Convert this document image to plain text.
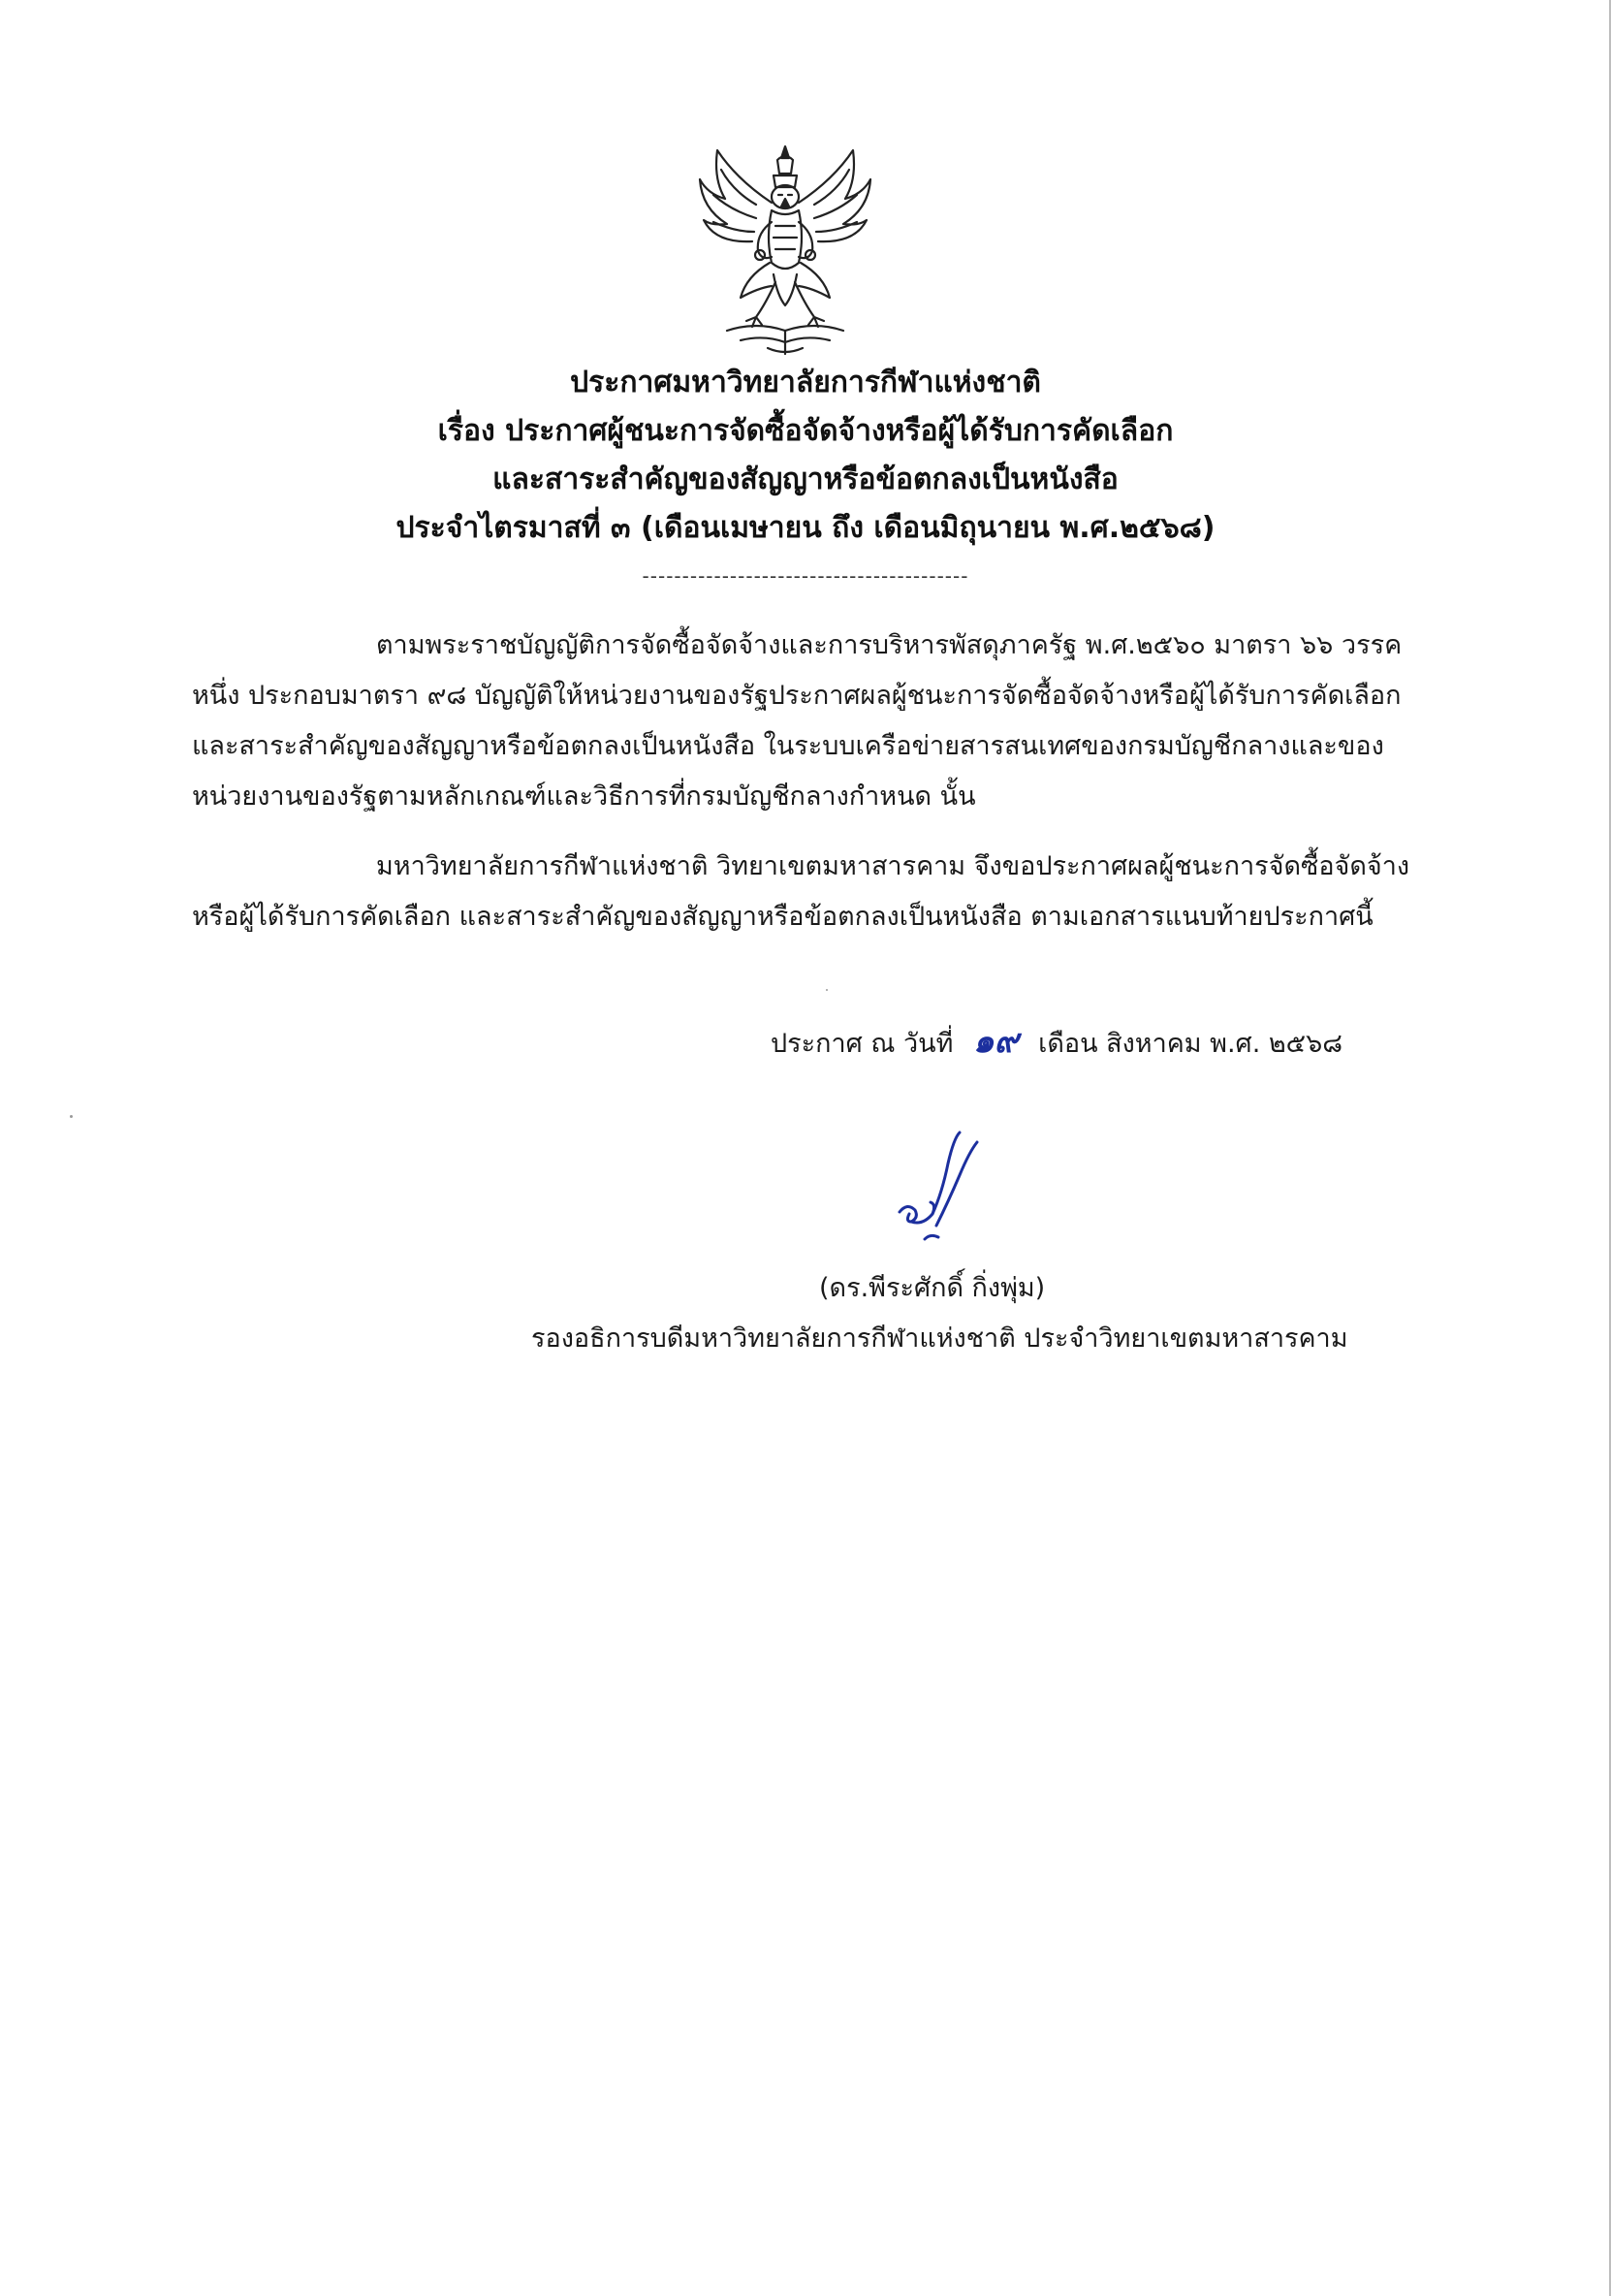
ประกาศมหาวิทยาลัยการกีฬาแห่งชาติ
เรื่อง ประกาศผู้ชนะการจัดซื้อจัดจ้างหรือผู้ได้รับการคัดเลือก
และสาระสำคัญของสัญญาหรือข้อตกลงเป็นหนังสือ
ประจำไตรมาสที่ ๓ (เดือนเมษายน ถึง เดือนมิถุนายน พ.ศ.๒๕๖๘)
-----------------------------------------
ตามพระราชบัญญัติการจัดซื้อจัดจ้างและการบริหารพัสดุภาครัฐ พ.ศ.๒๕๖๐ มาตรา ๖๖ วรรค
หนึ่ง ประกอบมาตรา ๙๘ บัญญัติให้หน่วยงานของรัฐประกาศผลผู้ชนะการจัดซื้อจัดจ้างหรือผู้ได้รับการคัดเลือก
และสาระสำคัญของสัญญาหรือข้อตกลงเป็นหนังสือ ในระบบเครือข่ายสารสนเทศของกรมบัญชีกลางและของ
หน่วยงานของรัฐตามหลักเกณฑ์และวิธีการที่กรมบัญชีกลางกำหนด นั้น
มหาวิทยาลัยการกีฬาแห่งชาติ วิทยาเขตมหาสารคาม จึงขอประกาศผลผู้ชนะการจัดซื้อจัดจ้าง
หรือผู้ได้รับการคัดเลือก และสาระสำคัญของสัญญาหรือข้อตกลงเป็นหนังสือ ตามเอกสารแนบท้ายประกาศนี้
ประกาศ ณ วันที่ ๑๙ เดือน สิงหาคม พ.ศ. ๒๕๖๘
(ดร.พีระศักดิ์ กิ่งพุ่ม)
รองอธิการบดีมหาวิทยาลัยการกีฬาแห่งชาติ ประจำวิทยาเขตมหาสารคาม
